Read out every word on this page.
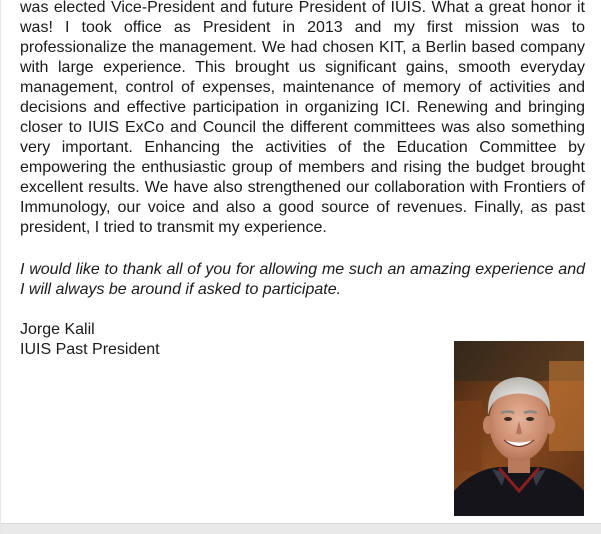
was elected Vice-President and future President of IUIS. What a great honor it was! I took office as President in 2013 and my first mission was to professionalize the management. We had chosen KIT, a Berlin based company with large experience. This brought us significant gains, smooth everyday management, control of expenses, maintenance of memory of activities and decisions and effective participation in organizing ICI. Renewing and bringing closer to IUIS ExCo and Council the different committees was also something very important. Enhancing the activities of the Education Committee by empowering the enthusiastic group of members and rising the budget brought excellent results. We have also strengthened our collaboration with Frontiers of Immunology, our voice and also a good source of revenues. Finally, as past president, I tried to transmit my experience.

I would like to thank all of you for allowing me such an amazing experience and I will always be around if asked to participate.

Jorge Kalil
IUIS Past President
